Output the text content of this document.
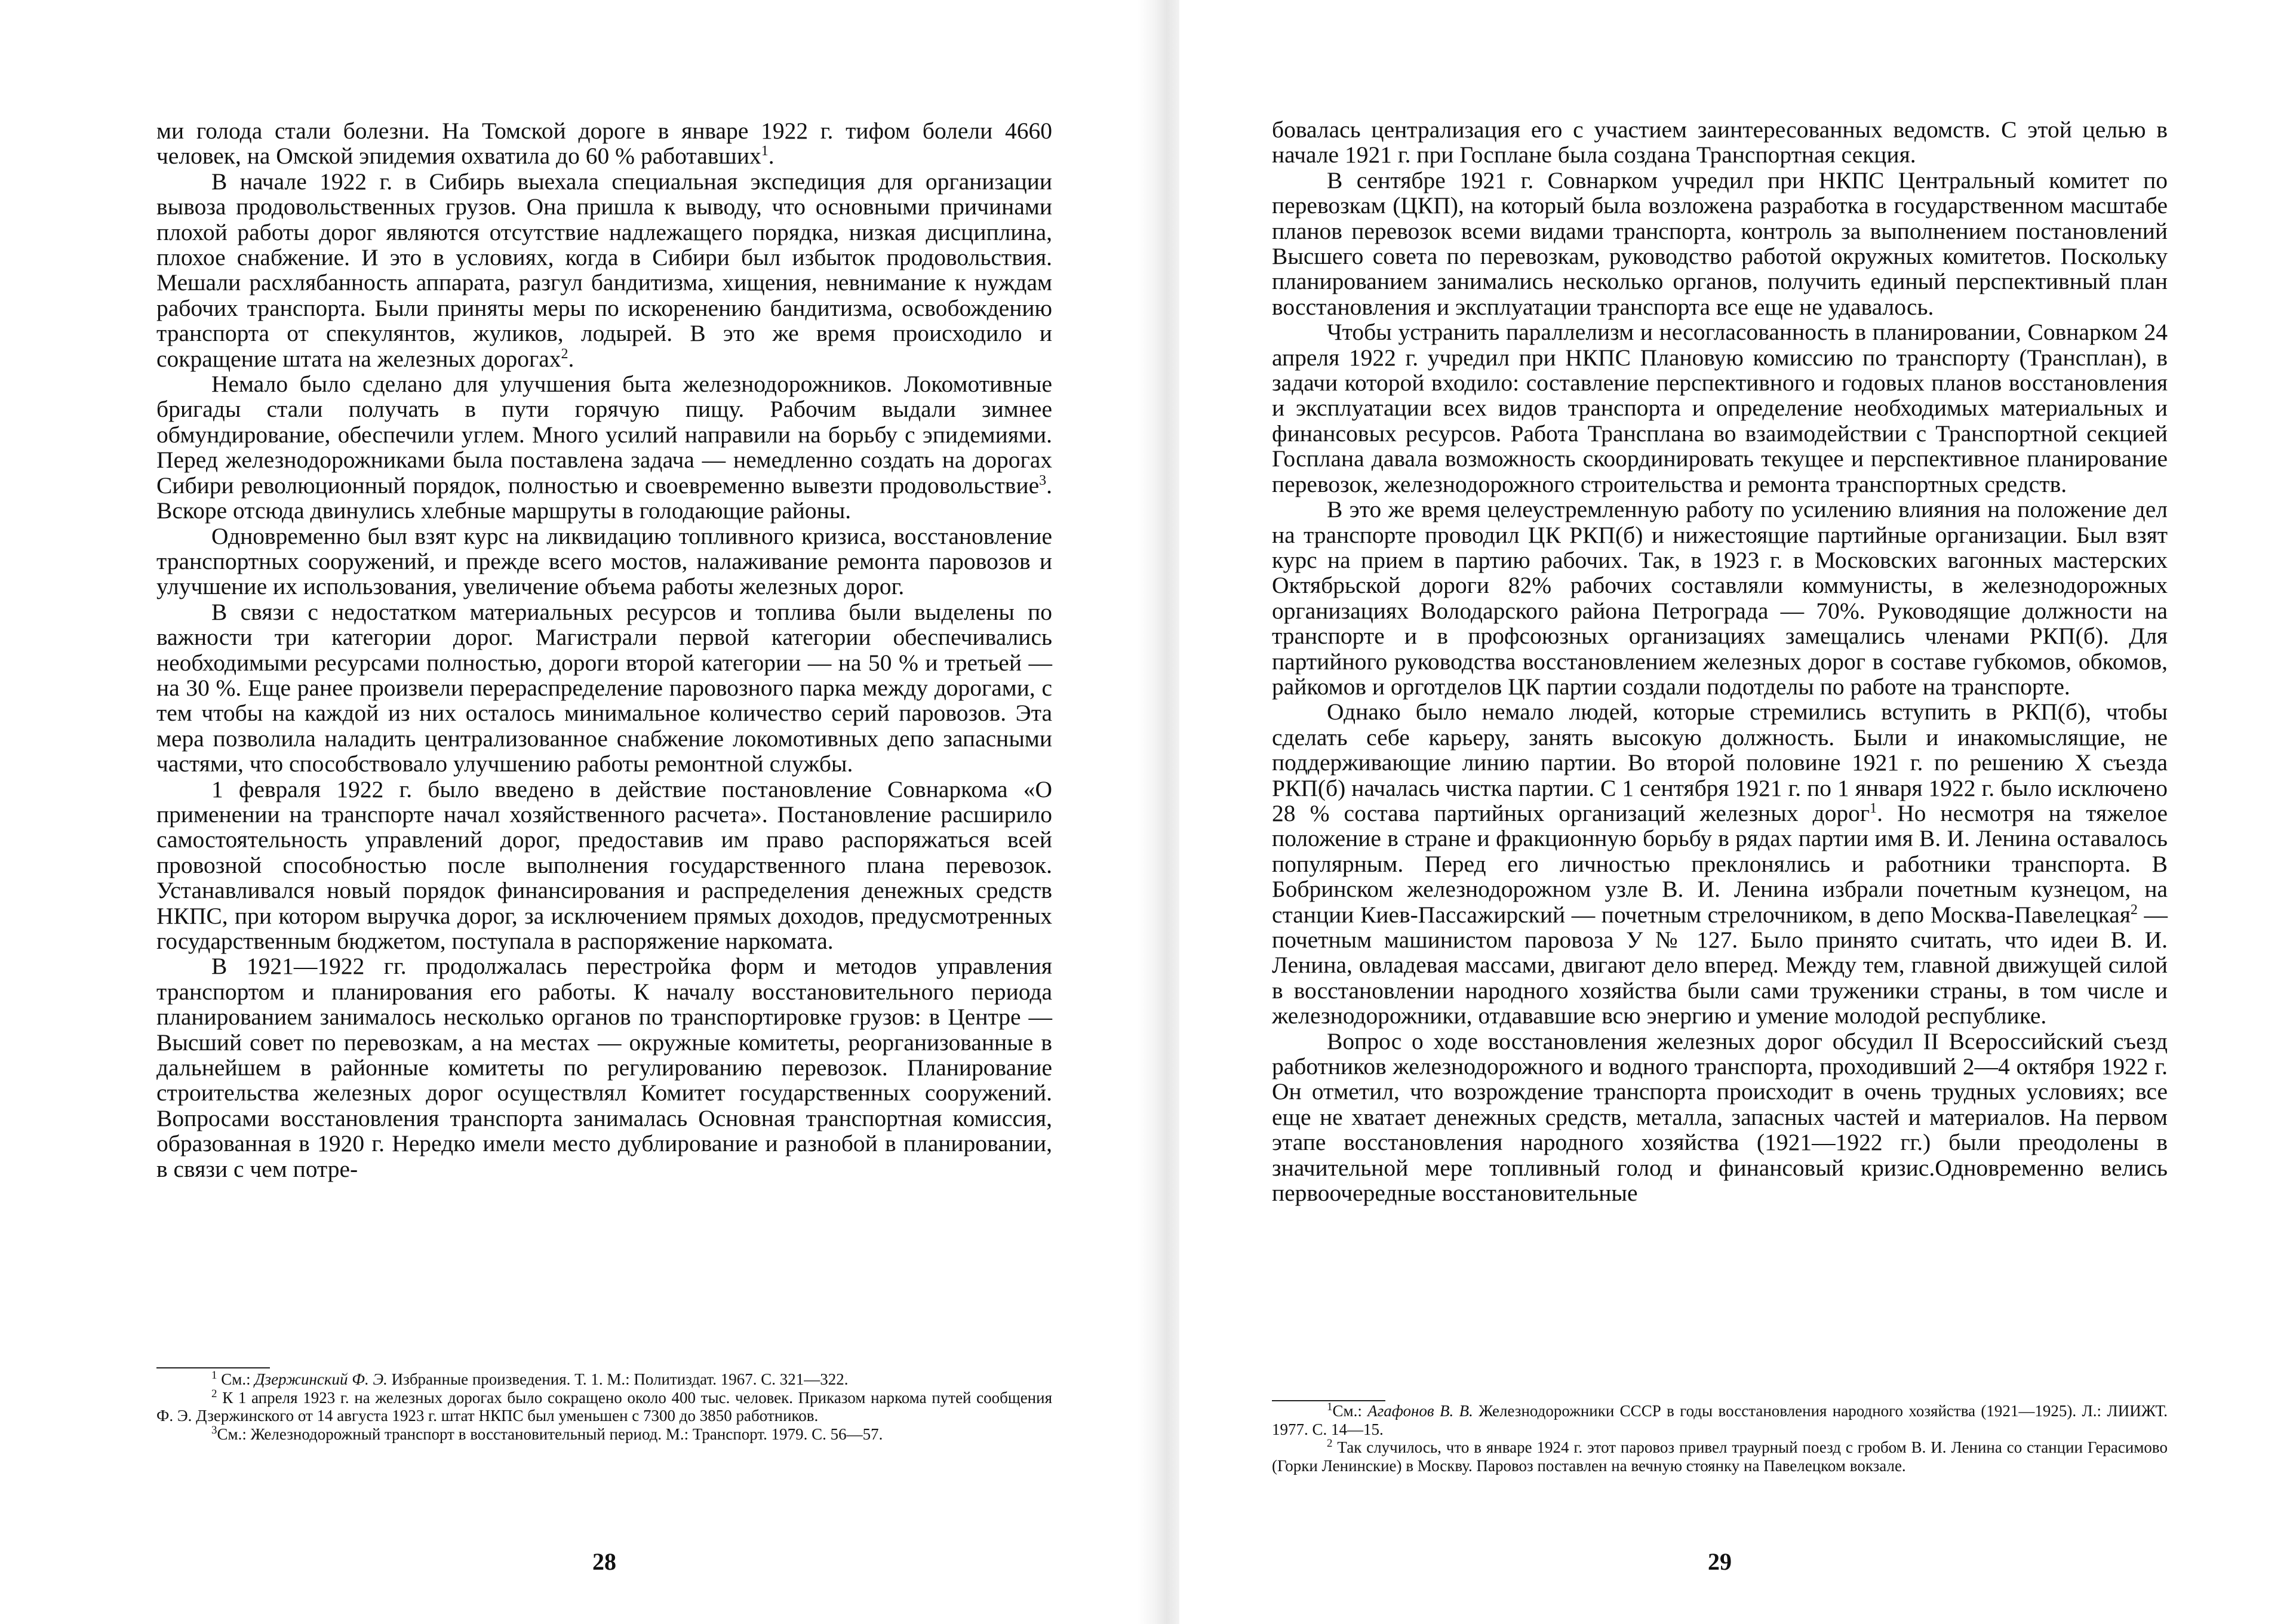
ми голода стали болезни. На Томской дороге в январе 1922 г. тифом болели 4660 человек, на Омской эпидемия охватила до 60 % работавших$^1$.

В начале 1922 г. в Сибирь выехала специальная экспедиция для организации вывоза продовольственных грузов. Она пришла к выводу, что основными причинами плохой работы дорог являются отсутствие надлежащего порядка, низкая дисциплина, плохое снабжение. И это в условиях, когда в Сибири был избыток продовольствия. Мешали расхлябанность аппарата, разгул бандитизма, хищения, невнимание к нуждам рабочих транспорта. Были приняты меры по искоренению бандитизма, освобождению транспорта от спекулянтов, жуликов, лодырей. В это же время происходило и сокращение штата на железных дорогах$^2$.

Немало было сделано для улучшения быта железнодорожников. Локомотивные бригады стали получать в пути горячую пищу. Рабочим выдали зимнее обмундирование, обеспечили углем. Много усилий направили на борьбу с эпидемиями. Перед железнодорожниками была поставлена задача — немедленно создать на дорогах Сибири революционный порядок, полностью и своевременно вывезти продовольствие$^3$. Вскоре отсюда двинулись хлебные маршруты в голодающие районы.

Одновременно был взят курс на ликвидацию топливного кризиса, восстановление транспортных сооружений, и прежде всего мостов, налаживание ремонта паровозов и улучшение их использования, увеличение объема работы железных дорог.

В связи с недостатком материальных ресурсов и топлива были выделены по важности три категории дорог. Магистрали первой категории обеспечивались необходимыми ресурсами полностью, дороги второй категории — на 50 % и третьей — на 30 %. Еще ранее произвели перераспределение паровозного парка между дорогами, с тем чтобы на каждой из них осталось минимальное количество серий паровозов. Эта мера позволила наладить централизованное снабжение локомотивных депо запасными частями, что способствовало улучшению работы ремонтной службы.

1 февраля 1922 г. было введено в действие постановление Совнаркома «О применении на транспорте начал хозяйственного расчета». Постановление расширило самостоятельность управлений дорог, предоставив им право распоряжаться всей провозной способностью после выполнения государственного плана перевозок. Устанавливался новый порядок финансирования и распределения денежных средств НКПС, при котором выручка дорог, за исключением прямых доходов, предусмотренных государственным бюджетом, поступала в распоряжение наркомата.

В 1921—1922 гг. продолжалась перестройка форм и методов управления транспортом и планирования его работы. К началу восстановительного периода планированием занималось несколько органов по транспортировке грузов: в Центре — Высший совет по перевозкам, а на местах — окружные комитеты, реорганизованные в дальнейшем в районные комитеты по регулированию перевозок. Планирование строительства железных дорог осуществлял Комитет государственных сооружений. Вопросами восстановления транспорта занималась Основная транспортная комиссия, образованная в 1920 г. Нередко имели место дублирование и разнобой в планировании, в связи с чем потре-

$^1$ См.: Дзержинский Ф. Э. Избранные произведения. Т. 1. М.: Политиздат. 1967. С. 321—322.

$^2$ К 1 апреля 1923 г. на железных дорогах было сокращено около 400 тыс. человек. Приказом наркома путей сообщения Ф. Э. Дзержинского от 14 августа 1923 г. штат НКПС был уменьшен с 7300 до 3850 работников.

$^3$См.: Железнодорожный транспорт в восстановительный период. М.: Транспорт. 1979. С. 56—57.

28

бовалась централизация его с участием заинтересованных ведомств. С этой целью в начале 1921 г. при Госплане была создана Транспортная секция.

В сентябре 1921 г. Совнарком учредил при НКПС Центральный комитет по перевозкам (ЦКП), на который была возложена разработка в государственном масштабе планов перевозок всеми видами транспорта, контроль за выполнением постановлений Высшего совета по перевозкам, руководство работой окружных комитетов. Поскольку планированием занимались несколько органов, получить единый перспективный план восстановления и эксплуатации транспорта все еще не удавалось.

Чтобы устранить параллелизм и несогласованность в планировании, Совнарком 24 апреля 1922 г. учредил при НКПС Плановую комиссию по транспорту (Трансплан), в задачи которой входило: составление перспективного и годовых планов восстановления и эксплуатации всех видов транспорта и определение необходимых материальных и финансовых ресурсов. Работа Трансплана во взаимодействии с Транспортной секцией Госплана давала возможность скоординировать текущее и перспективное планирование перевозок, железнодорожного строительства и ремонта транспортных средств.

В это же время целеустремленную работу по усилению влияния на положение дел на транспорте проводил ЦК РКП(б) и нижестоящие партийные организации. Был взят курс на прием в партию рабочих. Так, в 1923 г. в Московских вагонных мастерских Октябрьской дороги 82% рабочих составляли коммунисты, в железнодорожных организациях Володарского района Петрограда — 70%. Руководящие должности на транспорте и в профсоюзных организациях замещались членами РКП(б). Для партийного руководства восстановлением железных дорог в составе губкомов, обкомов, райкомов и орготделов ЦК партии создали подотделы по работе на транспорте.

Однако было немало людей, которые стремились вступить в РКП(б), чтобы сделать себе карьеру, занять высокую должность. Были и инакомыслящие, не поддерживающие линию партии. Во второй половине 1921 г. по решению X съезда РКП(б) началась чистка партии. С 1 сентября 1921 г. по 1 января 1922 г. было исключено 28 % состава партийных организаций железных дорог$^1$. Но несмотря на тяжелое положение в стране и фракционную борьбу в рядах партии имя В. И. Ленина оставалось популярным. Перед его личностью преклонялись и работники транспорта. В Бобринском железнодорожном узле В. И. Ленина избрали почетным кузнецом, на станции Киев-Пассажирский — почетным стрелочником, в депо Москва-Павелецкая$^2$ — почетным машинистом паровоза У № 127. Было принято считать, что идеи В. И. Ленина, овладевая массами, двигают дело вперед. Между тем, главной движущей силой в восстановлении народного хозяйства были сами труженики страны, в том числе и железнодорожники, отдававшие всю энергию и умение молодой республике.

Вопрос о ходе восстановления железных дорог обсудил II Всероссийский съезд работников железнодорожного и водного транспорта, проходивший 2—4 октября 1922 г. Он отметил, что возрождение транспорта происходит в очень трудных условиях; все еще не хватает денежных средств, металла, запасных частей и материалов. На первом этапе восстановления народного хозяйства (1921—1922 гг.) были преодолены в значительной мере топливный голод и финансовый кризис.Одновременно велись первоочередные восстановительные

$^1$См.: Агафонов В. В. Железнодорожники СССР в годы восстановления народного хозяйства (1921—1925). Л.: ЛИИЖТ. 1977. С. 14—15.

$^2$ Так случилось, что в январе 1924 г. этот паровоз привел траурный поезд с гробом В. И. Ленина со станции Герасимово (Горки Ленинские) в Москву. Паровоз поставлен на вечную стоянку на Павелецком вокзале.

29
